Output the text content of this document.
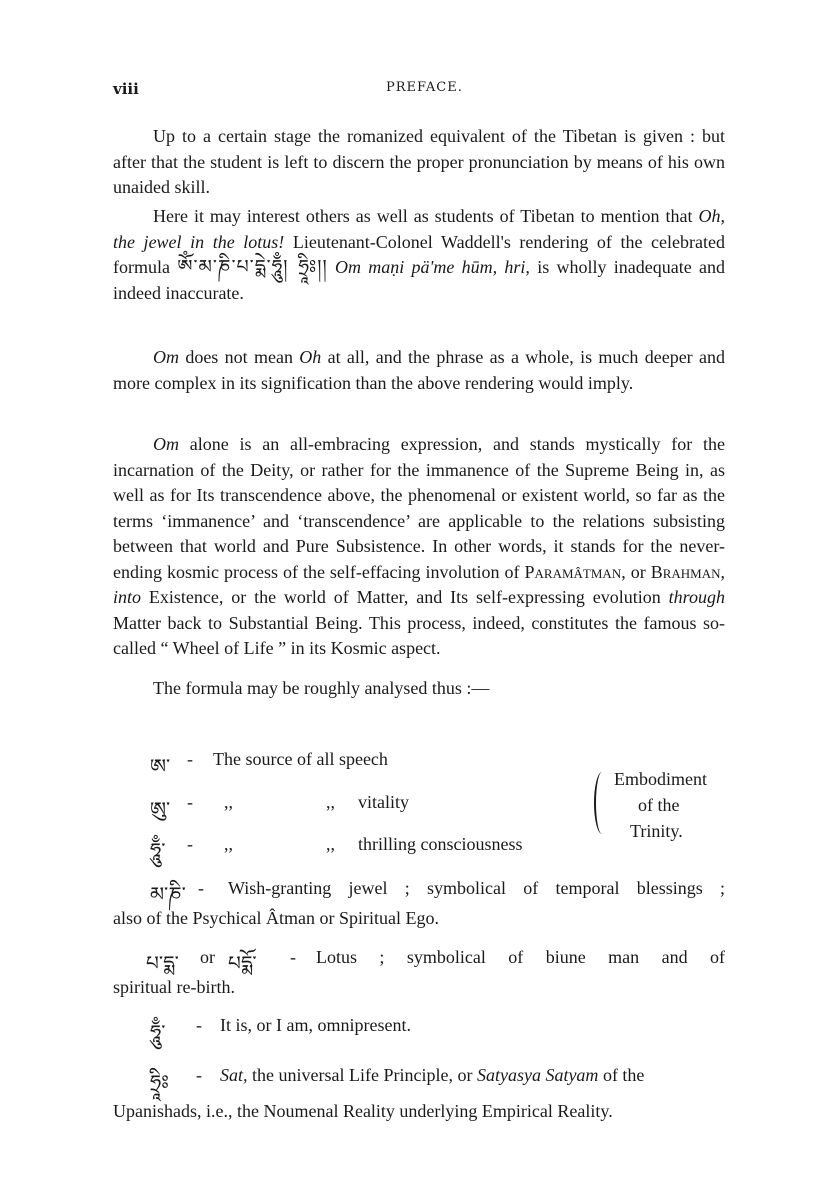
viii	PREFACE.

Up to a certain stage the romanized equivalent of the Tibetan is given : but after that the student is left to discern the proper pronunciation by means of his own unaided skill.

Here it may interest others as well as students of Tibetan to mention that Oh, the jewel in the lotus! Lieutenant-Colonel Waddell's rendering of the celebrated formula ཨོཾ་མ་ཎི་པ་དྨེ་ཧཱུྃ། ཧྲཱིཿ།། Om maṇi pä'me hūm, hri, is wholly inadequate and indeed inaccurate.

Om does not mean Oh at all, and the phrase as a whole, is much deeper and more complex in its signification than the above rendering would imply.

Om alone is an all-embracing expression, and stands mystically for the incarnation of the Deity, or rather for the immanence of the Supreme Being in, as well as for Its transcendence above, the phenomenal or existent world, so far as the terms ‘immanence’ and ‘transcendence’ are applicable to the relations subsisting between that world and Pure Subsistence. In other words, it stands for the never-ending kosmic process of the self-effacing involution of Paramâtman, or Brahman, into Existence, or the world of Matter, and Its self-expressing evolution through Matter back to Substantial Being. This process, indeed, constitutes the famous so-called “ Wheel of Life ” in its Kosmic aspect.

The formula may be roughly analysed thus :—

ཨ་ - The source of all speech
ཨུ་ - ,,	,, vitality
ཧཱུྃ་ - ,,	,, thrilling consciousness
Embodiment
of the
Trinity.
མ་ཎི་ - Wish-granting jewel ; symbolical of temporal blessings ;
also of the Psychical Âtman or Spiritual Ego.
པ་དྨ་ or པདྨོ་ - Lotus ; symbolical of biune man and of
spiritual re-birth.
ཧཱུྃ་ - It is, or I am, omnipresent.
ཧྲཱིཿ - Sat, the universal Life Principle, or Satyasya Satyam of the
Upanishads, i.e., the Noumenal Reality underlying Empirical Reality.
